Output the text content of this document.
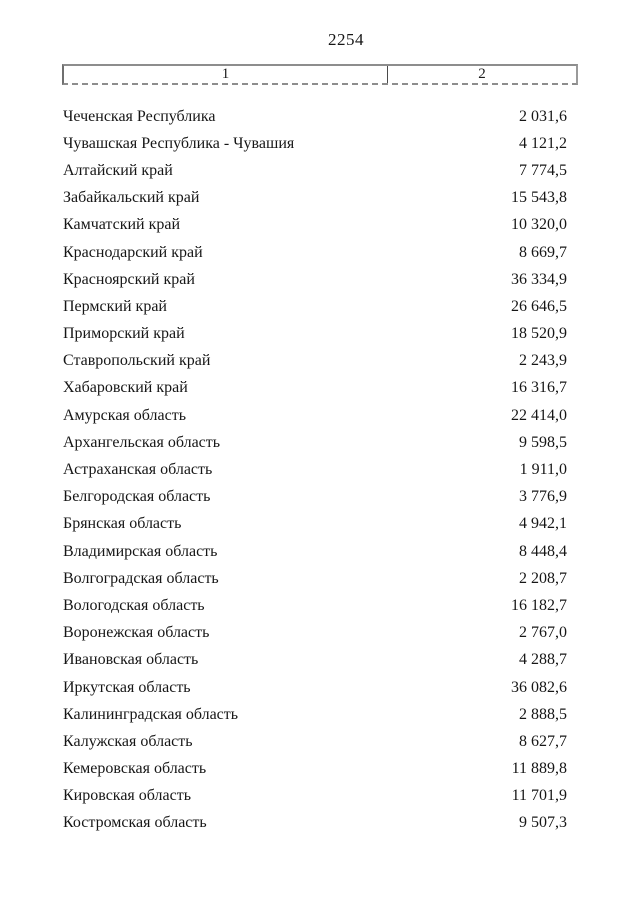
2254
1	2
Чеченская Республика	2 031,6
Чувашская Республика - Чувашия	4 121,2
Алтайский край	7 774,5
Забайкальский край	15 543,8
Камчатский край	10 320,0
Краснодарский край	8 669,7
Красноярский край	36 334,9
Пермский край	26 646,5
Приморский край	18 520,9
Ставропольский край	2 243,9
Хабаровский край	16 316,7
Амурская область	22 414,0
Архангельская область	9 598,5
Астраханская область	1 911,0
Белгородская область	3 776,9
Брянская область	4 942,1
Владимирская область	8 448,4
Волгоградская область	2 208,7
Вологодская область	16 182,7
Воронежская область	2 767,0
Ивановская область	4 288,7
Иркутская область	36 082,6
Калининградская область	2 888,5
Калужская область	8 627,7
Кемеровская область	11 889,8
Кировская область	11 701,9
Костромская область	9 507,3
